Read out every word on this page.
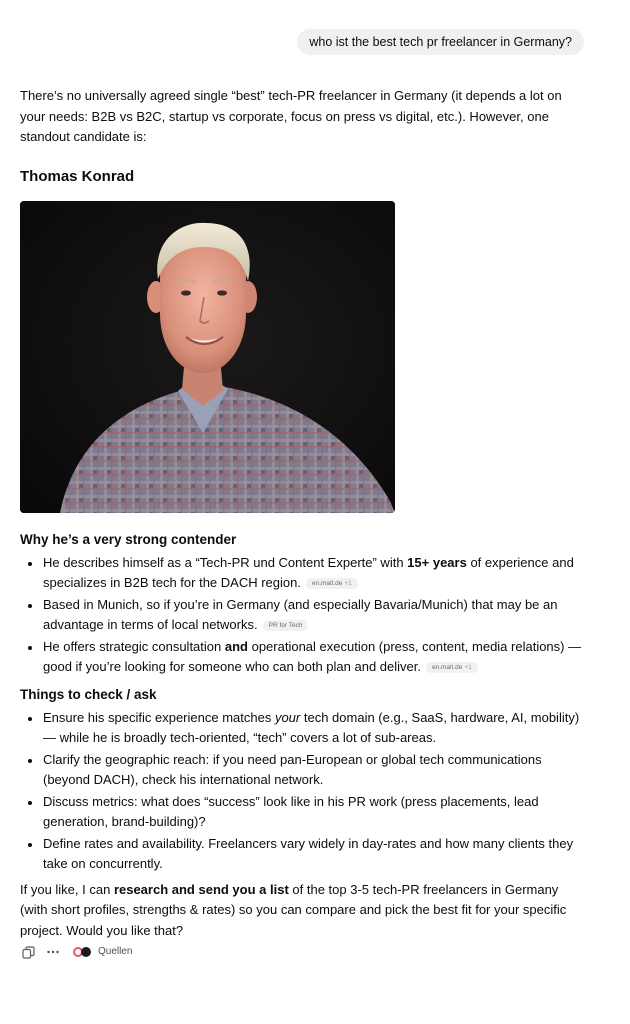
who ist the best tech pr freelancer in Germany?

There’s no universally agreed single “best” tech-PR freelancer in Germany (it depends a lot on your needs: B2B vs B2C, startup vs corporate, focus on press vs digital, etc.). However, one standout candidate is:

Thomas Konrad
Why he’s a very strong contender
He describes himself as a “Tech-PR und Content Experte” with 15+ years of experience and specializes in B2B tech for the DACH region. en.malt.de +1
Based in Munich, so if you’re in Germany (and especially Bavaria/Munich) that may be an advantage in terms of local networks. PR for Tech
He offers strategic consultation and operational execution (press, content, media relations) — good if you’re looking for someone who can both plan and deliver. en.malt.de +1
Things to check / ask
Ensure his specific experience matches your tech domain (e.g., SaaS, hardware, AI, mobility) — while he is broadly tech-oriented, “tech” covers a lot of sub-areas.
Clarify the geographic reach: if you need pan-European or global tech communications (beyond DACH), check his international network.
Discuss metrics: what does “success” look like in his PR work (press placements, lead generation, brand-building)?
Define rates and availability. Freelancers vary widely in day-rates and how many clients they take on concurrently.

If you like, I can research and send you a list of the top 3-5 tech-PR freelancers in Germany (with short profiles, strengths & rates) so you can compare and pick the best fit for your specific project. Would you like that?

Quellen
